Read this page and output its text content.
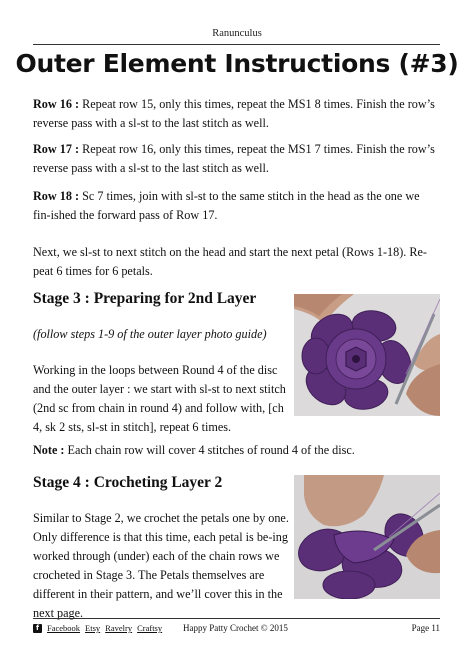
Ranunculus
Outer Element Instructions (#3)

Row 16 : Repeat row 15, only this times, repeat the MS1 8 times. Finish the row’s reverse pass with a sl-st to the last stitch as well.

Row 17 : Repeat row 16, only this times, repeat the MS1 7 times. Finish the row’s reverse pass with a sl-st to the last stitch as well.

Row 18 : Sc 7 times, join with sl-st to the same stitch in the head as the one we fin-ished the forward pass of Row 17.

Next, we sl-st to next stitch on the head and start the next petal (Rows 1-18). Re-peat 6 times for 6 petals.

Stage 3 : Preparing for 2nd Layer

(follow steps 1-9 of the outer layer photo guide)

Working in the loops between Round 4 of the disc and the outer layer : we start with sl-st to next stitch (2nd sc from chain in round 4) and follow with, [ch 4, sk 2 sts, sl-st in stitch], repeat 6 times.

Note : Each chain row will cover 4 stitches of round 4 of the disc.

Stage 4 : Crocheting Layer 2

Similar to Stage 2, we crochet the petals one by one. Only difference is that this time, each petal is be-ing worked through (under) each of the chain rows we crocheted in Stage 3. The Petals themselves are different in their pattern, and we’ll cover this in the next page.

f Facebook Etsy Ravelry Craftsy Happy Patty Crochet © 2015	Page 11
